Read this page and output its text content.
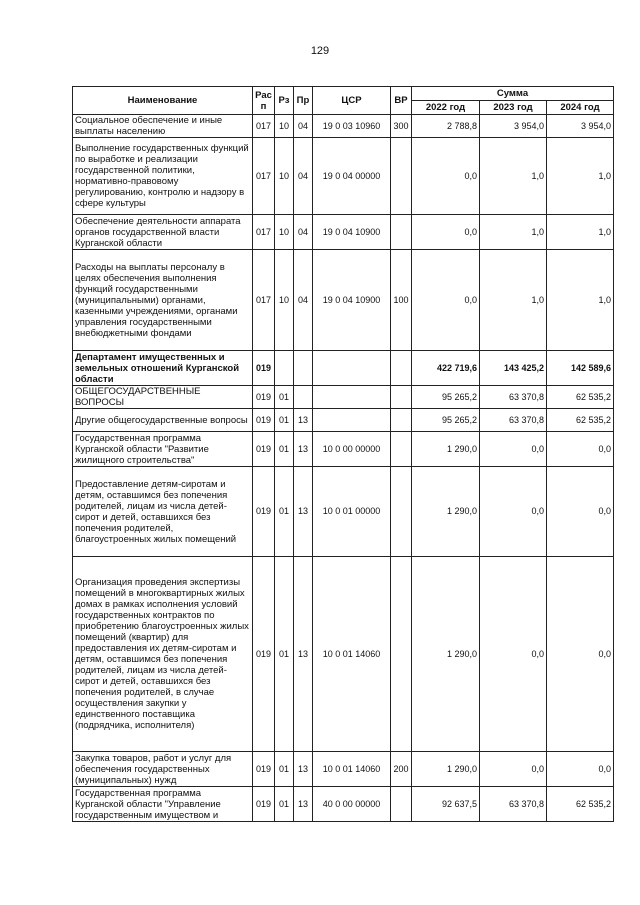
129
Наименование	Рас п	Рз	Пр	ЦСР	ВР	Сумма		
						2022 год	2023 год	2024 год
Социальное обеспечение и иные выплаты населению	017	10	04	19 0 03 10960	300	2 788,8	3 954,0	3 954,0
Выполнение государственных функций по выработке и реализации государственной политики, нормативно-правовому регулированию, контролю и надзору в сфере культуры	017	10	04	19 0 04 00000		0,0	1,0	1,0
Обеспечение деятельности аппарата органов государственной власти Курганской области	017	10	04	19 0 04 10900		0,0	1,0	1,0
Расходы на выплаты персоналу в целях обеспечения выполнения функций государственными (муниципальными) органами, казенными учреждениями, органами управления государственными внебюджетными фондами	017	10	04	19 0 04 10900	100	0,0	1,0	1,0
Департамент имущественных и земельных отношений Курганской области	019					422 719,6	143 425,2	142 589,6
ОБЩЕГОСУДАРСТВЕННЫЕ ВОПРОСЫ	019	01				95 265,2	63 370,8	62 535,2
Другие общегосударственные вопросы	019	01	13			95 265,2	63 370,8	62 535,2
Государственная программа Курганской области "Развитие жилищного строительства"	019	01	13	10 0 00 00000		1 290,0	0,0	0,0
Предоставление детям-сиротам и детям, оставшимся без попечения родителей, лицам из числа детей-сирот и детей, оставшихся без попечения родителей, благоустроенных жилых помещений	019	01	13	10 0 01 00000		1 290,0	0,0	0,0
Организация проведения экспертизы помещений в многоквартирных жилых домах в рамках исполнения условий государственных контрактов по приобретению благоустроенных жилых помещений (квартир) для предоставления их детям-сиротам и детям, оставшимся без попечения родителей, лицам из числа детей-сирот и детей, оставшихся без попечения родителей, в случае осуществления закупки у единственного поставщика (подрядчика, исполнителя)	019	01	13	10 0 01 14060		1 290,0	0,0	0,0
Закупка товаров, работ и услуг для обеспечения государственных (муниципальных) нужд	019	01	13	10 0 01 14060	200	1 290,0	0,0	0,0
Государственная программа Курганской области "Управление государственным имуществом и	019	01	13	40 0 00 00000		92 637,5	63 370,8	62 535,2
